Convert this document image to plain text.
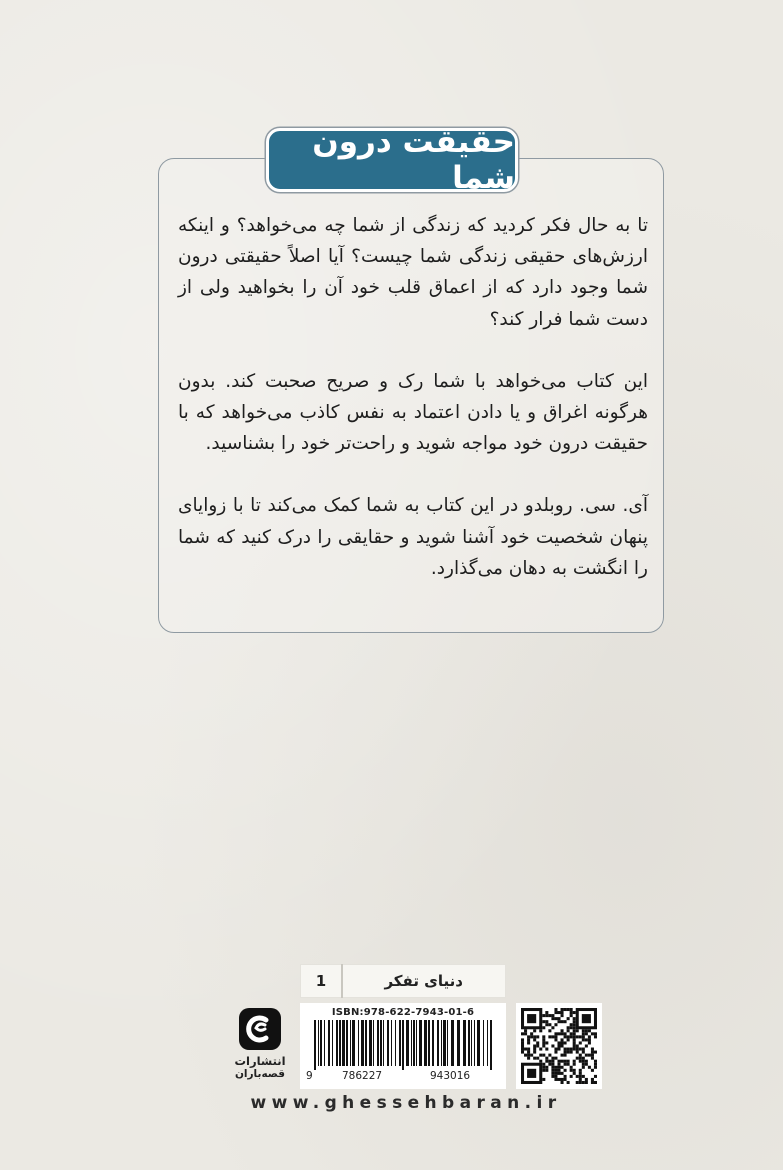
حقیقت درون شما

تا به حال فکر کردید که زندگی از شما چه می‌خواهد؟ و اینکه ارزش‌های حقیقی زندگی شما چیست؟ آیا اصلاً حقیقتی درون شما وجود دارد که از اعماق قلب خود آن را بخواهید ولی از دست شما فرار کند؟

این کتاب می‌خواهد با شما رک و صریح صحبت کند. بدون هرگونه اغراق و یا دادن اعتماد به نفس کاذب می‌خواهد که با حقیقت درون خود مواجه شوید و راحت‌تر خود را بشناسید.

آی. سی. روبلدو در این کتاب به شما کمک می‌کند تا با زوایای پنهان شخصیت خود آشنا شوید و حقایقی را درک کنید که شما را انگشت به دهان می‌گذارد.

دنیای تفکر
1
ISBN:978-622-7943-01-6
9	786227	943016
انتشارات
قصه‌باران
www.ghessehbaran.ir
